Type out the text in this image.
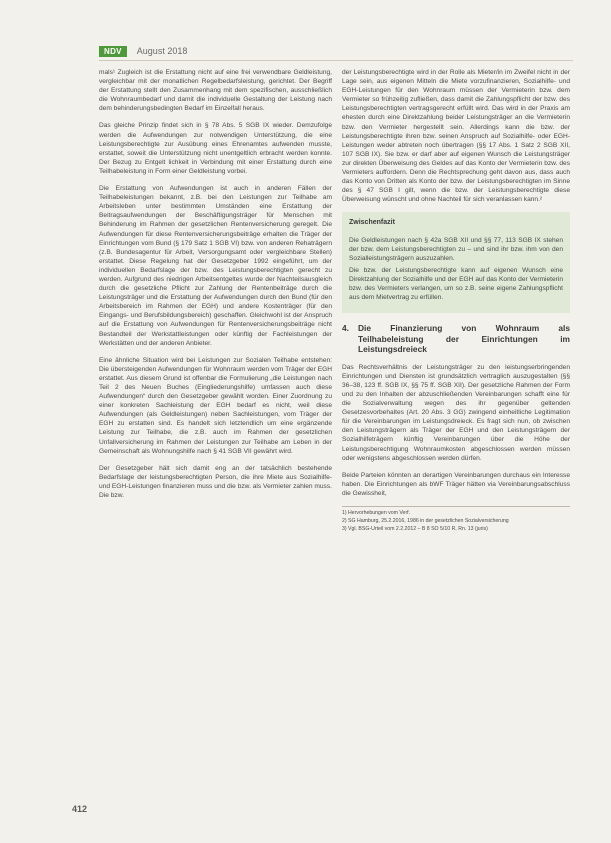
NDV	August 2018

mals¹ Zugleich ist die Erstattung nicht auf eine frei verwendbare Geldleistung, vergleichbar mit der monatlichen Regelbedarfsleistung, gerichtet. Der Begriff der Erstattung stellt den Zusammenhang mit dem spezifischen, ausschließlich die Wohnraumbedarf und damit die individuelle Gestaltung der Leistung nach dem behinderungsbedingten Bedarf im Einzelfall heraus.

Das gleiche Prinzip findet sich in § 78 Abs. 5 SGB IX wieder. Demzufolge werden die Aufwendungen zur notwendigen Unterstützung, die eine Leistungsberechtigte zur Ausübung eines Ehrenamtes aufwenden musste, erstattet, soweit die Unterstützung nicht unentgeltlich erbracht werden konnte. Der Bezug zu Entgelt lichkeit in Verbindung mit einer Erstattung durch eine Teilhabeleistung in Form einer Geldleistung vorbei.

Die Erstattung von Aufwendungen ist auch in anderen Fällen der Teilhabeleistungen bekannt, z.B. bei den Leistungen zur Teilhabe am Arbeitsleben unter bestimmten Umständen eine Erstattung der Beitragsaufwendungen der Beschäftigungsträger für Menschen mit Behinderung im Rahmen der gesetzlichen Rentenversicherung geregelt. Die Aufwendungen für diese Rentenversicherungsbeiträge erhalten die Träger der Einrichtungen vom Bund (§ 179 Satz 1 SGB VI) bzw. von anderen Rehaträgern (z.B. Bundesagentur für Arbeit, Versorgungsamt oder vergleichbare Stellen) erstattet. Diese Regelung hat der Gesetzgeber 1992 eingeführt, um der individuellen Bedarfslage der bzw. des Leistungsberechtigten gerecht zu werden. Aufgrund des niedrigen Arbeitsentgeltes wurde der Nachteilsausgleich durch die gesetzliche Pflicht zur Zahlung der Rentenbeiträge durch die Leistungsträger und die Erstattung der Aufwendungen durch den Bund (für den Arbeitsbereich im Rahmen der EGH) und andere Kostenträger (für den Eingangs- und Berufsbildungsbereich) geschaffen. Gleichwohl ist der Anspruch auf die Erstattung von Aufwendungen für Rentenversicherungsbeiträge nicht Bestandteil der Werkstattleistungen oder künftig der Fachleistungen der Werkstätten und der anderen Anbieter.

Eine ähnliche Situation wird bei Leistungen zur Sozialen Teilhabe entstehen: Die übersteigenden Aufwendungen für Wohnraum werden vom Träger der EGH erstattet. Aus diesem Grund ist offenbar die Formulierung „die Leistungen nach Teil 2 des Neuen Buches (Eingliederungshilfe) umfassen auch diese Aufwendungen“ durch den Gesetzgeber gewählt worden. Einer Zuordnung zu einer konkreten Sachleistung der EGH bedarf es nicht, weil diese Aufwendungen (als Geldleistungen) neben Sachleistungen, vom Träger der EGH zu erstatten sind. Es handelt sich letztendlich um eine ergänzende Leistung zur Teilhabe, die z.B. auch im Rahmen der gesetzlichen Unfallversicherung im Rahmen der Leistungen zur Teilhabe am Leben in der Gemeinschaft als Wohnungshilfe nach § 41 SGB VII gewährt wird.

Der Gesetzgeber hält sich damit eng an der tatsächlich bestehende Bedarfslage der leistungsberechtigten Person, die ihre Miete aus Sozialhilfe- und EGH-Leistungen finanzieren muss und die bzw. als Vermieter zahlen muss. Die bzw.

der Leistungsberechtigte wird in der Rolle als Mieter/in im Zweifel nicht in der Lage sein, aus eigenen Mitteln die Miete vorzufinanzieren, Sozialhilfe- und EGH-Leistungen für den Wohnraum müssen der Vermieterin bzw. dem Vermieter so frühzeitig zufließen, dass damit die Zahlungspflicht der bzw. des Leistungsberechtigten vertragsgerecht erfüllt wird. Das wird in der Praxis am ehesten durch eine Direktzahlung beider Leistungsträger an die Vermieterin bzw. den Vermieter hergestellt sein. Allerdings kann die bzw. der Leistungsberechtigte ihren bzw. seinen Anspruch auf Sozialhilfe- oder EGH-Leistungen weder abtreten noch übertragen (§§ 17 Abs. 1 Satz 2 SGB XII, 107 SGB IX). Sie bzw. er darf aber auf eigenen Wunsch die Leistungsträger zur direkten Überweisung des Geldes auf das Konto der Vermieterin bzw. des Vermieters auffordern. Denn die Rechtsprechung geht davon aus, dass auch das Konto von Dritten als Konto der bzw. der Leistungsberechtigten im Sinne des § 47 SGB I gilt, wenn die bzw. der Leistungsberechtigte diese Überweisung wünscht und ohne Nachteil für sich veranlassen kann.²

Zwischenfazit

Die Geldleistungen nach § 42a SGB XII und §§ 77, 113 SGB IX stehen der bzw. dem Leistungsberechtigten zu – und sind ihr bzw. ihm von den Sozialleistungsträgern auszuzahlen.

Die bzw. der Leistungsberechtigte kann auf eigenen Wunsch eine Direktzahlung der Sozialhilfe und der EGH auf das Konto der Vermieterin bzw. des Vermieters verlangen, um so z.B. seine eigene Zahlungspflicht aus dem Mietvertrag zu erfüllen.

4.	Die Finanzierung von Wohnraum als Teilhabeleistung der Einrichtungen im Leistungsdreieck

Das Rechtsverhältnis der Leistungsträger zu den leistungserbringenden Einrichtungen und Diensten ist grundsätzlich vertraglich auszugestalten (§§ 36–38, 123 ff. SGB IX, §§ 75 ff. SGB XII). Der gesetzliche Rahmen der Form und zu den Inhalten der abzuschließenden Vereinbarungen schafft eine für die Sozialverwaltung wegen des ihr gegenüber geltenden Gesetzesvorbehaltes (Art. 20 Abs. 3 GG) zwingend einheitliche Legitimation für die Vereinbarungen im Leistungsdreieck. Es fragt sich nun, ob zwischen den Leistungsträgern als Träger der EGH und den Leistungsträgern der Sozialhilfeträgern künftig Vereinbarungen über die Höhe der Leistungsberechtigung Wohnraumkosten abgeschlossen werden müssen oder wenigstens abgeschlossen werden dürfen.

Beide Parteien könnten an derartigen Vereinbarungen durchaus ein Interesse haben. Die Einrichtungen als bWF Träger hätten via Vereinbarungsabschluss die Gewissheit,

1) Hervorhebungen vom Verf.
2) SG Hamburg, 25.2.2016, 1986 in der gesetzlichen Sozialversicherung
3) Vgl. BSG-Urteil vom 2.2.2012 – B 8 SO 5/10 R, Rn. 13 (juris)
412
